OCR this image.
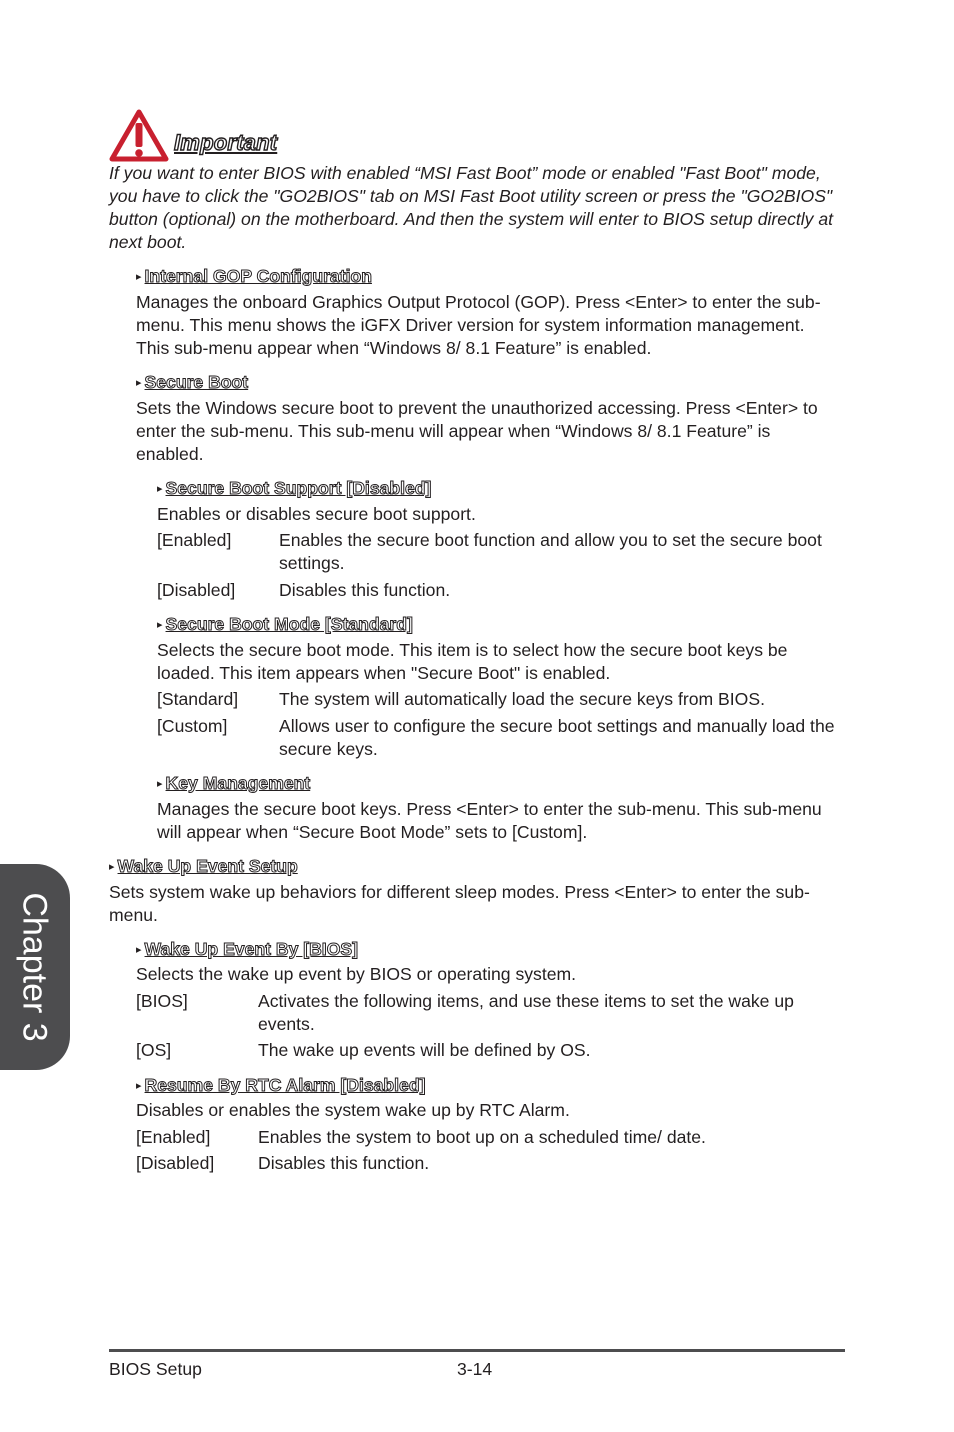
Important
If you want to enter BIOS with enabled “MSI Fast Boot” mode or enabled "Fast Boot" mode, you have to click the "GO2BIOS" tab on MSI Fast Boot utility screen or press the "GO2BIOS" button (optional) on the motherboard. And then the system will enter to BIOS setup directly at next boot.
▸ Internal GOP Configuration
Manages the onboard Graphics Output Protocol (GOP). Press <Enter> to enter the sub-menu. This menu shows the iGFX Driver version for system information management. This sub-menu appear when “Windows 8/ 8.1 Feature” is enabled.
▸ Secure Boot
Sets the Windows secure boot to prevent the unauthorized accessing. Press <Enter> to enter the sub-menu. This sub-menu will appear when “Windows 8/ 8.1 Feature” is enabled.
▸ Secure Boot Support [Disabled]
Enables or disables secure boot support.
[Enabled]	Enables the secure boot function and allow you to set the secure boot settings.
[Disabled]	Disables this function.
▸ Secure Boot Mode [Standard]
Selects the secure boot mode. This item is to select how the secure boot keys be loaded. This item appears when "Secure Boot" is enabled.
[Standard]	The system will automatically load the secure keys from BIOS.
[Custom]	Allows user to configure the secure boot settings and manually load the secure keys.
▸ Key Management
Manages the secure boot keys. Press <Enter> to enter the sub-menu. This sub-menu will appear when “Secure Boot Mode” sets to [Custom].
▸ Wake Up Event Setup
Sets system wake up behaviors for different sleep modes. Press <Enter> to enter the sub-menu.
▸ Wake Up Event By [BIOS]
Selects the wake up event by BIOS or operating system.
[BIOS]	Activates the following items, and use these items to set the wake up events.
[OS]	The wake up events will be defined by OS.
▸ Resume By RTC Alarm [Disabled]
Disables or enables the system wake up by RTC Alarm.
[Enabled]	Enables the system to boot up on a scheduled time/ date.
[Disabled]	Disables this function.
Chapter 3
BIOS Setup	3-14
